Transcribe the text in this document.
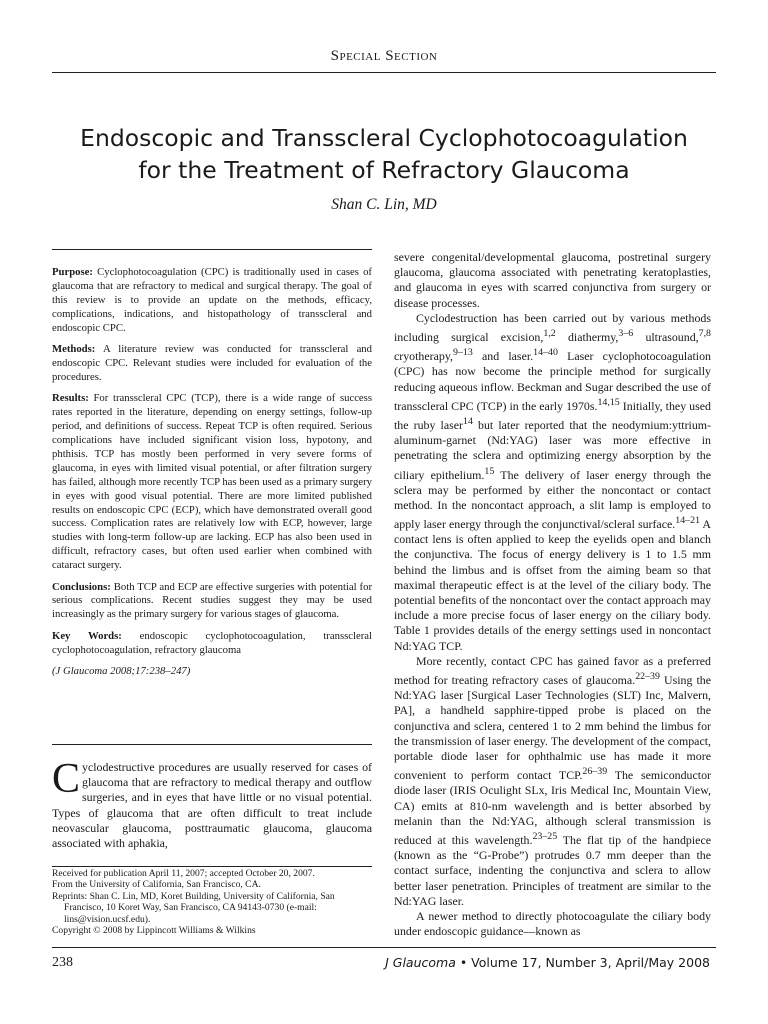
Special Section
Endoscopic and Transscleral Cyclophotocoagulation
for the Treatment of Refractory Glaucoma
Shan C. Lin, MD

Purpose: Cyclophotocoagulation (CPC) is traditionally used in cases of glaucoma that are refractory to medical and surgical therapy. The goal of this review is to provide an update on the methods, efficacy, complications, indications, and histopathology of transscleral and endoscopic CPC.

Methods: A literature review was conducted for transscleral and endoscopic CPC. Relevant studies were included for evaluation of the procedures.

Results: For transscleral CPC (TCP), there is a wide range of success rates reported in the literature, depending on energy settings, follow-up period, and definitions of success. Repeat TCP is often required. Serious complications have included significant vision loss, hypotony, and phthisis. TCP has mostly been performed in very severe forms of glaucoma, in eyes with limited visual potential, or after filtration surgery has failed, although more recently TCP has been used as a primary surgery in eyes with good visual potential. There are more limited published results on endoscopic CPC (ECP), which have demonstrated overall good success. Complication rates are relatively low with ECP, however, large studies with long-term follow-up are lacking. ECP has also been used in difficult, refractory cases, but often used earlier when combined with cataract surgery.

Conclusions: Both TCP and ECP are effective surgeries with potential for serious complications. Recent studies suggest they may be used increasingly as the primary surgery for various stages of glaucoma.

Key Words: endoscopic cyclophotocoagulation, transscleral cyclophotocoagulation, refractory glaucoma

(J Glaucoma 2008;17:238–247)

Cyclodestructive procedures are usually reserved for cases of glaucoma that are refractory to medical therapy and outflow surgeries, and in eyes that have little or no visual potential. Types of glaucoma that are often difficult to treat include neovascular glaucoma, posttraumatic glaucoma, glaucoma associated with aphakia,

Received for publication April 11, 2007; accepted October 20, 2007.
From the University of California, San Francisco, CA.
Reprints: Shan C. Lin, MD, Koret Building, University of California, San Francisco, 10 Koret Way, San Francisco, CA 94143-0730 (e-mail: lins@vision.ucsf.edu).
Copyright © 2008 by Lippincott Williams & Wilkins

severe congenital/developmental glaucoma, postretinal surgery glaucoma, glaucoma associated with penetrating keratoplasties, and glaucoma in eyes with scarred conjunctiva from surgery or disease processes.

Cyclodestruction has been carried out by various methods including surgical excision,$^{1,2}$ diathermy,$^{3-6}$ ultrasound,$^{7,8}$ cryotherapy,$^{9-13}$ and laser.$^{14-40}$ Laser cyclophotocoagulation (CPC) has now become the principle method for surgically reducing aqueous inflow. Beckman and Sugar described the use of transscleral CPC (TCP) in the early 1970s.$^{14,15}$ Initially, they used the ruby laser$^{14}$ but later reported that the neodymium:yttrium-aluminum-garnet (Nd:YAG) laser was more effective in penetrating the sclera and optimizing energy absorption by the ciliary epithelium.$^{15}$ The delivery of laser energy through the sclera may be performed by either the noncontact or contact method. In the noncontact approach, a slit lamp is employed to apply laser energy through the conjunctival/scleral surface.$^{14-21}$ A contact lens is often applied to keep the eyelids open and blanch the conjunctiva. The focus of energy delivery is 1 to 1.5 mm behind the limbus and is offset from the aiming beam so that maximal therapeutic effect is at the level of the ciliary body. The potential benefits of the noncontact over the contact approach may include a more precise focus of laser energy on the ciliary body. Table 1 provides details of the energy settings used in noncontact Nd:YAG TCP.

More recently, contact CPC has gained favor as a preferred method for treating refractory cases of glaucoma.$^{22-39}$ Using the Nd:YAG laser [Surgical Laser Technologies (SLT) Inc, Malvern, PA], a handheld sapphire-tipped probe is placed on the conjunctiva and sclera, centered 1 to 2 mm behind the limbus for the transmission of laser energy. The development of the compact, portable diode laser for ophthalmic use has made it more convenient to perform contact TCP.$^{26-39}$ The semiconductor diode laser (IRIS Oculight SLx, Iris Medical Inc, Mountain View, CA) emits at 810-nm wavelength and is better absorbed by melanin than the Nd:YAG, although scleral transmission is reduced at this wavelength.$^{23-25}$ The flat tip of the handpiece (known as the “G-Probe”) protrudes 0.7 mm deeper than the contact surface, indenting the conjunctiva and sclera to allow better laser penetration. Principles of treatment are similar to the Nd:YAG laser.

A newer method to directly photocoagulate the ciliary body under endoscopic guidance—known as

238	J Glaucoma • Volume 17, Number 3, April/May 2008
